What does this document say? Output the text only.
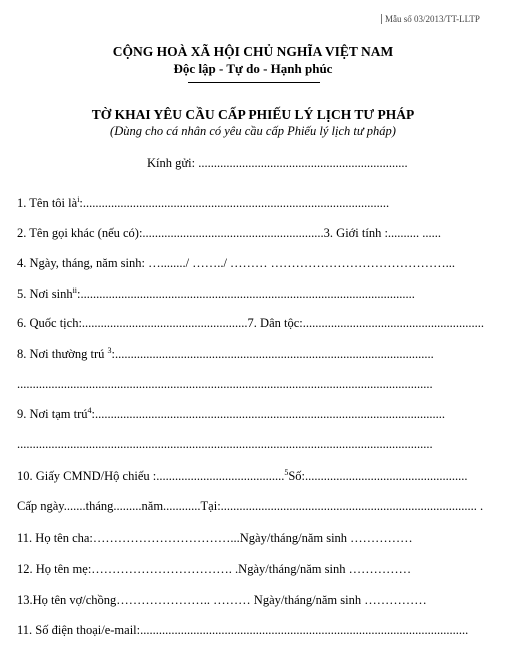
Mẫu số 03/2013/TT-LLTP
CỘNG HOÀ XÃ HỘI CHỦ NGHĨA VIỆT NAM
Độc lập - Tự do - Hạnh phúc
TỜ KHAI YÊU CẦU CẤP PHIẾU LÝ LỊCH TƯ PHÁP
(Dùng cho cá nhân có yêu cầu cấp Phiếu lý lịch tư pháp)
Kính gửi: ...................................................................
1. Tên tôi $là^i$:..................................................................................................
2. Tên gọi khác (nếu có):..........................................................3. Giới tính :.......... ......
4. Ngày, tháng, năm sinh: …......../ ……../ ……… ……………………………………...
5. Nơi $\sinh^{ii}$:...........................................................................................................
6. Quốc tịch:.....................................................7. Dân tộc:..........................................................
8. Nơi thường trú $^3$:......................................................................................................
.....................................................................................................................................
9. Nơi tạm trú$^4$:................................................................................................................
.....................................................................................................................................
10. Giấy CMND/Hộ chiếu :.........................................$^5$Số:....................................................
Cấp ngày.......tháng.........năm............Tại:.................................................................................. .
11. Họ tên cha:……………………………...Ngày/tháng/năm sinh ……………
12. Họ tên mẹ:……………………………. .Ngày/tháng/năm sinh ……………
13.Họ tên vợ/chồng………………….. ……… Ngày/tháng/năm sinh ……………
11. Số điện thoại/e-mail:.........................................................................................................
